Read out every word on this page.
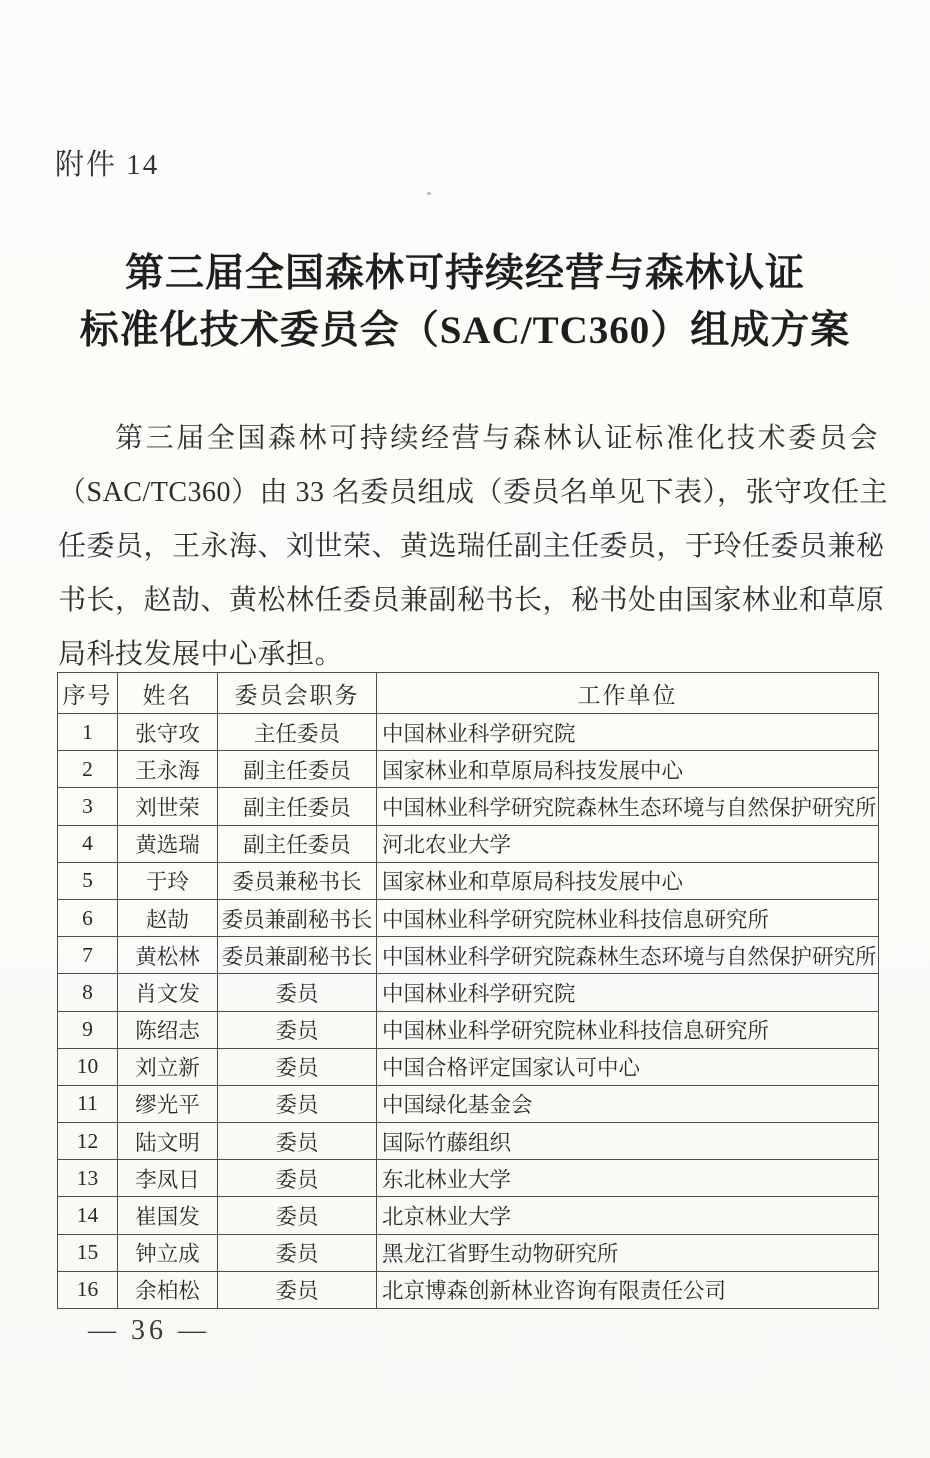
附件 14
第三届全国森林可持续经营与森林认证
标准化技术委员会（SAC/TC360）组成方案
第三届全国森林可持续经营与森林认证标准化技术委员会
（SAC/TC360）由 33 名委员组成（委员名单见下表），张守攻任主
任委员，王永海、刘世荣、黄选瑞任副主任委员，于玲任委员兼秘
书长，赵劼、黄松林任委员兼副秘书长，秘书处由国家林业和草原
局科技发展中心承担。
序号	姓名	委员会职务	工作单位
1	张守攻	主任委员	中国林业科学研究院
2	王永海	副主任委员	国家林业和草原局科技发展中心
3	刘世荣	副主任委员	中国林业科学研究院森林生态环境与自然保护研究所
4	黄选瑞	副主任委员	河北农业大学
5	于玲	委员兼秘书长	国家林业和草原局科技发展中心
6	赵劼	委员兼副秘书长	中国林业科学研究院林业科技信息研究所
7	黄松林	委员兼副秘书长	中国林业科学研究院森林生态环境与自然保护研究所
8	肖文发	委员	中国林业科学研究院
9	陈绍志	委员	中国林业科学研究院林业科技信息研究所
10	刘立新	委员	中国合格评定国家认可中心
11	缪光平	委员	中国绿化基金会
12	陆文明	委员	国际竹藤组织
13	李凤日	委员	东北林业大学
14	崔国发	委员	北京林业大学
15	钟立成	委员	黑龙江省野生动物研究所
16	余柏松	委员	北京博森创新林业咨询有限责任公司
— 36 —
